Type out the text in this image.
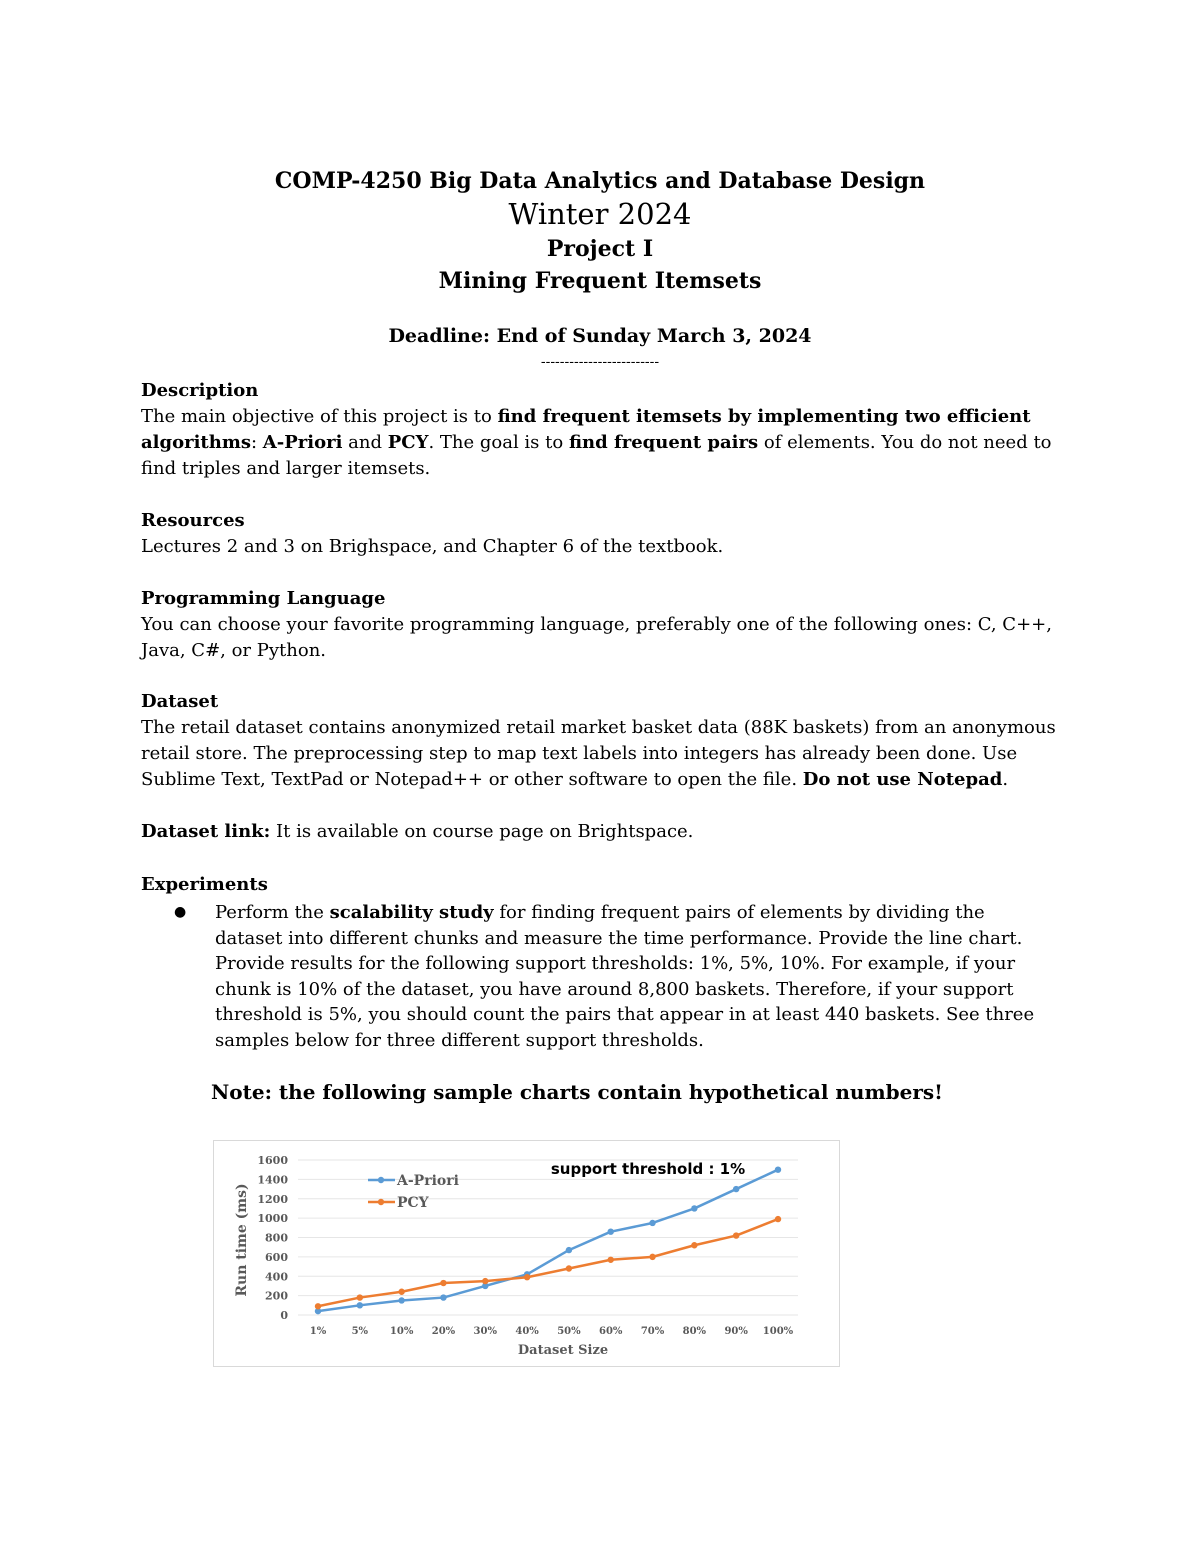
COMP-4250 Big Data Analytics and Database Design
Winter 2024
Project I
Mining Frequent Itemsets
Deadline: End of Sunday March 3, 2024
-------------------------
Description
The main objective of this project is to find frequent itemsets by implementing two efficient algorithms: A-Priori and PCY. The goal is to find frequent pairs of elements. You do not need to find triples and larger itemsets.
Resources
Lectures 2 and 3 on Brighspace, and Chapter 6 of the textbook.
Programming Language
You can choose your favorite programming language, preferably one of the following ones: C, C++, Java, C#, or Python.
Dataset
The retail dataset contains anonymized retail market basket data (88K baskets) from an anonymous retail store. The preprocessing step to map text labels into integers has already been done. Use Sublime Text, TextPad or Notepad++ or other software to open the file. Do not use Notepad.
Dataset link: It is available on course page on Brightspace.
Experiments
●	Perform the scalability study for finding frequent pairs of elements by dividing the dataset into different chunks and measure the time performance. Provide the line chart. Provide results for the following support thresholds: 1%, 5%, 10%. For example, if your chunk is 10% of the dataset, you have around 8,800 baskets. Therefore, if your support threshold is 5%, you should count the pairs that appear in at least 440 baskets. See three samples below for three different support thresholds.
Note: the following sample charts contain hypothetical numbers!
0
200
400
600
800
1000
1200
1400
1600
1%	5% 10% 20% 30% 40% 50% 60% 70% 80% 90% 100%
A-Priori
PCY
support threshold : 1%
Dataset Size
Run time (ms)
